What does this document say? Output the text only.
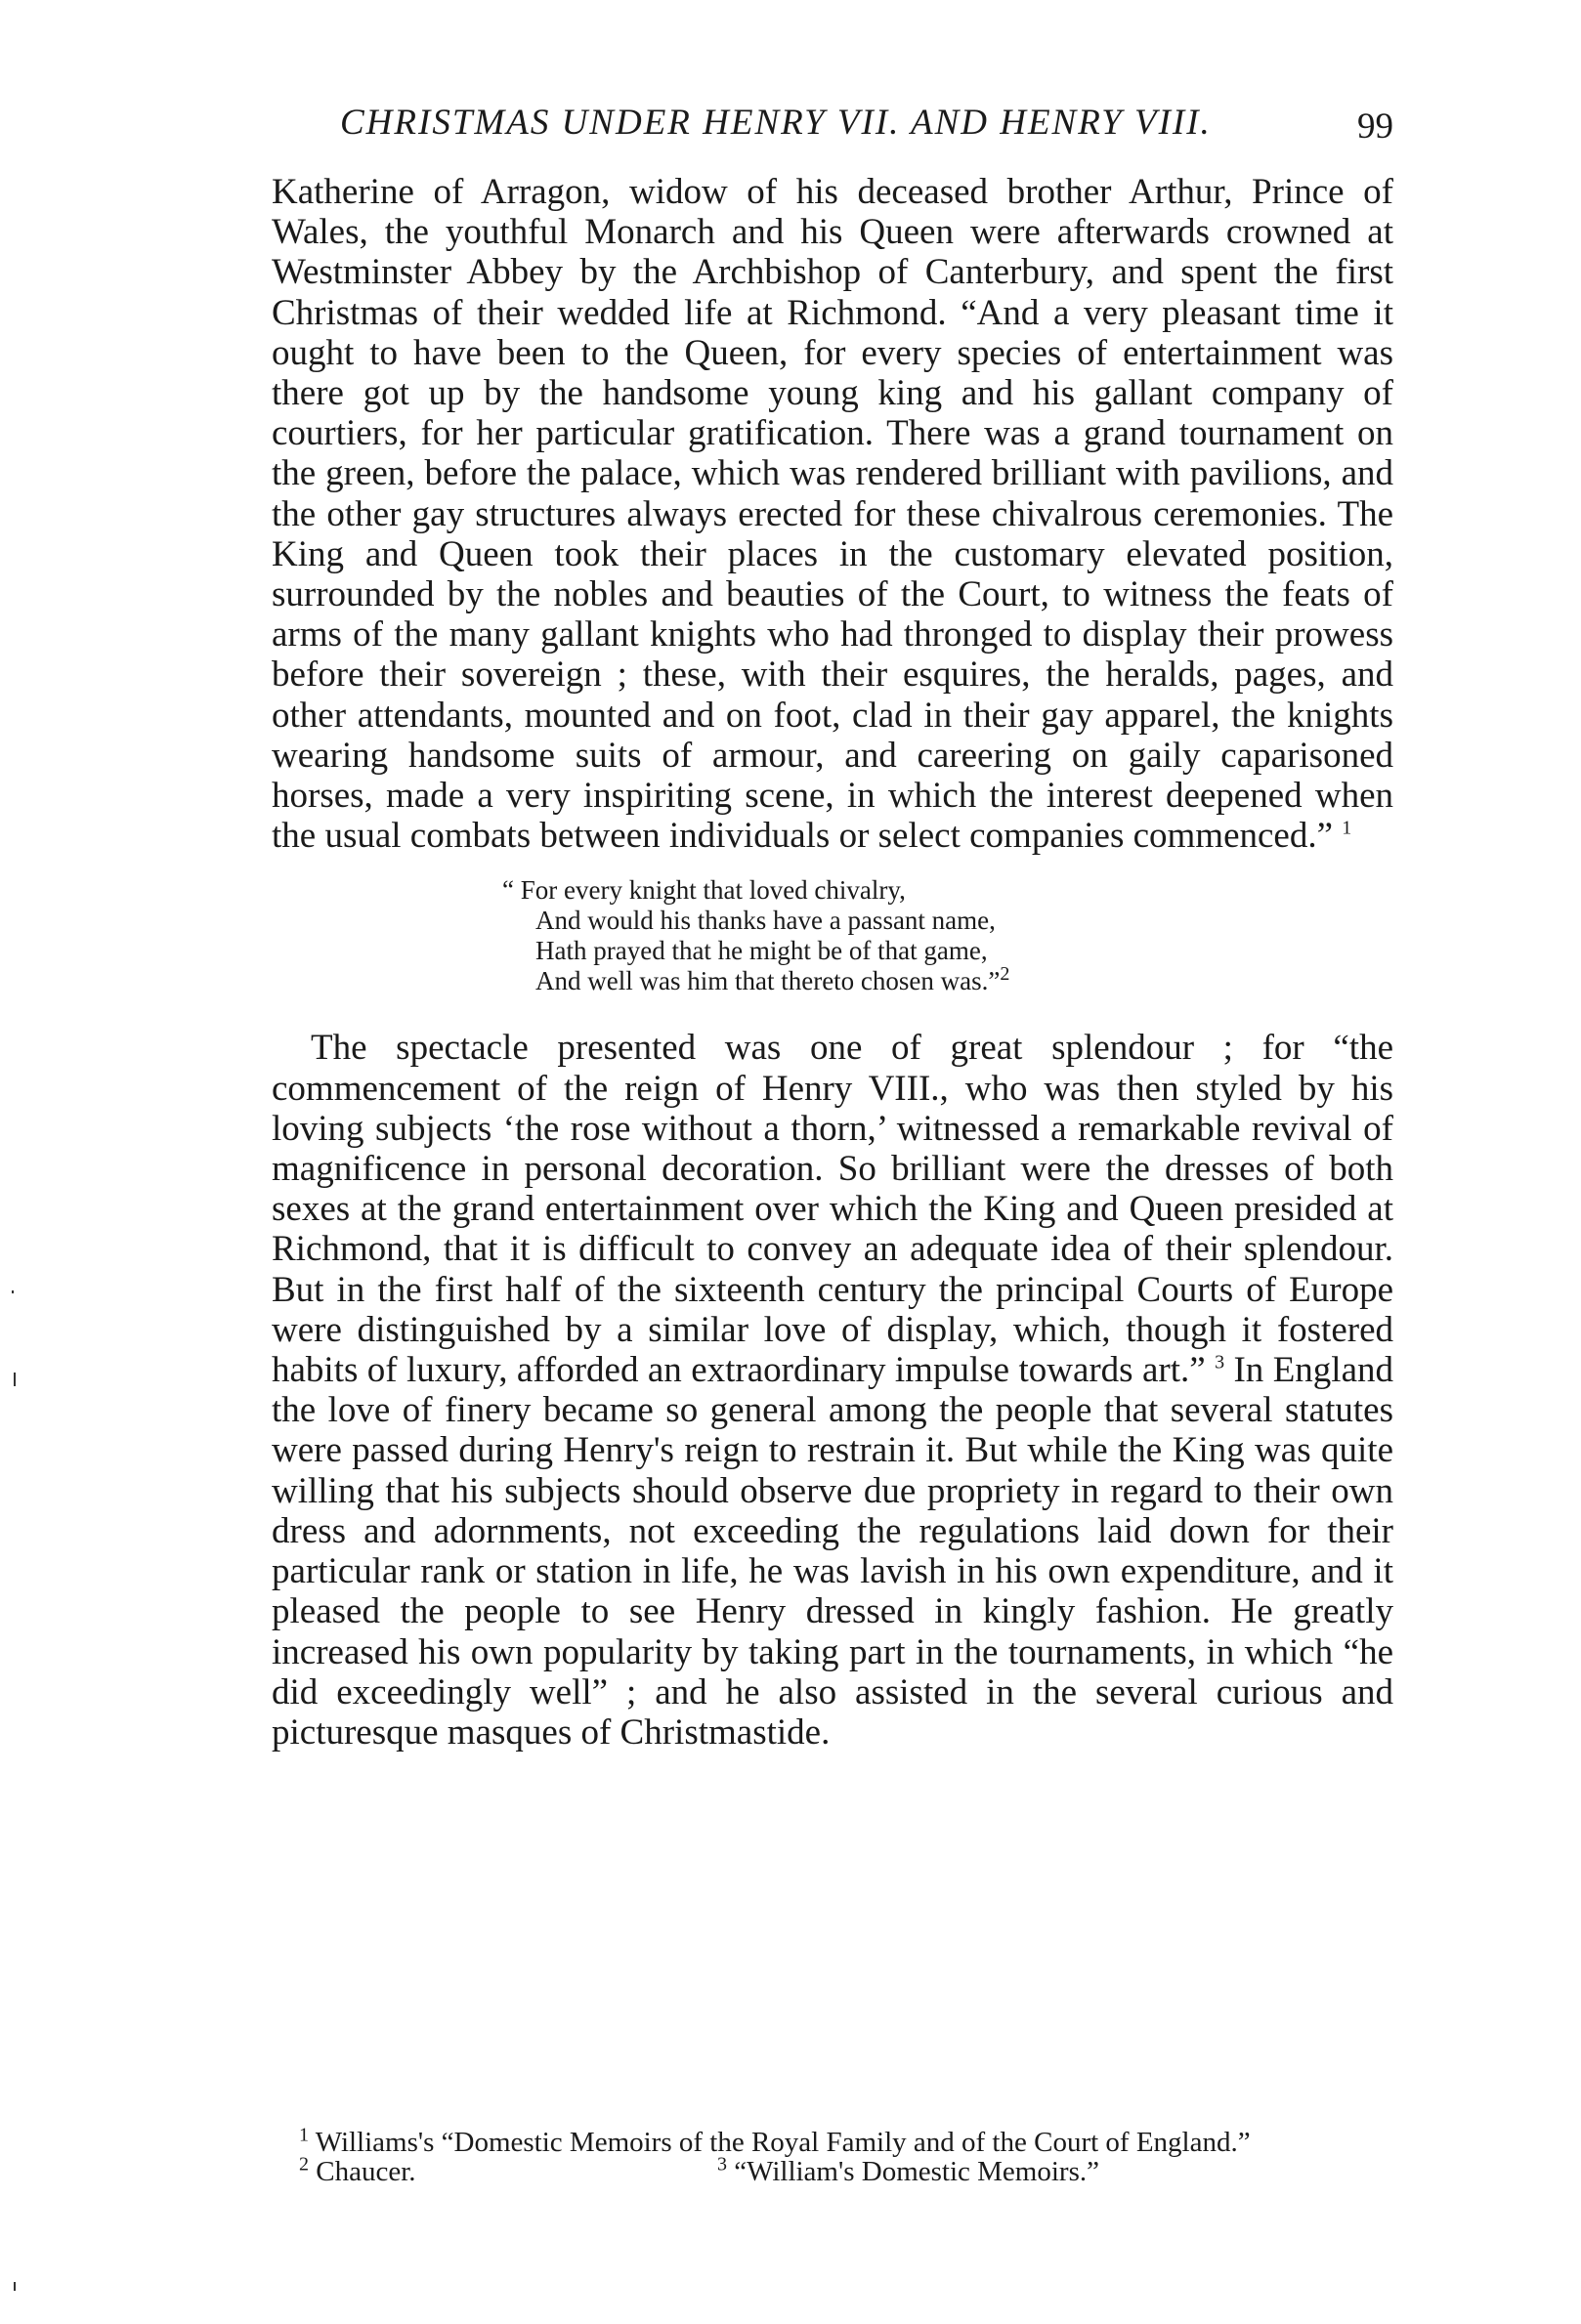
CHRISTMAS UNDER HENRY VII. AND HENRY VIII.	99

Katherine of Arragon, widow of his deceased brother Arthur, Prince of Wales, the youthful Monarch and his Queen were afterwards crowned at Westminster Abbey by the Archbishop of Canterbury, and spent the first Christmas of their wedded life at Richmond. “And a very pleasant time it ought to have been to the Queen, for every species of entertainment was there got up by the handsome young king and his gallant company of courtiers, for her particular gratification. There was a grand tournament on the green, before the palace, which was rendered brilliant with pavilions, and the other gay structures always erected for these chivalrous ceremonies. The King and Queen took their places in the customary elevated position, surrounded by the nobles and beauties of the Court, to witness the feats of arms of the many gallant knights who had thronged to display their prowess before their sovereign ; these, with their esquires, the heralds, pages, and other attendants, mounted and on foot, clad in their gay apparel, the knights wearing handsome suits of armour, and careering on gaily caparisoned horses, made a very inspiriting scene, in which the interest deepened when the usual combats between individuals or select companies commenced.” $^1$

“ For every knight that loved chivalry,
And would his thanks have a passant name,
Hath prayed that he might be of that game,
And well was him that thereto chosen was.”$^2$

The spectacle presented was one of great splendour ; for “the commencement of the reign of Henry VIII., who was then styled by his loving subjects ‘the rose without a thorn,’ witnessed a remarkable revival of magnificence in personal decoration. So brilliant were the dresses of both sexes at the grand entertainment over which the King and Queen presided at Richmond, that it is difficult to convey an adequate idea of their splendour. But in the first half of the sixteenth century the principal Courts of Europe were distinguished by a similar love of display, which, though it fostered habits of luxury, afforded an extraordinary impulse towards art.” $^3$ In England the love of finery became so general among the people that several statutes were passed during Henry's reign to restrain it. But while the King was quite willing that his subjects should observe due propriety in regard to their own dress and adornments, not exceeding the regulations laid down for their particular rank or station in life, he was lavish in his own expenditure, and it pleased the people to see Henry dressed in kingly fashion. He greatly increased his own popularity by taking part in the tournaments, in which “he did exceedingly well” ; and he also assisted in the several curious and picturesque masques of Christmastide.

$^1$ Williams's “Domestic Memoirs of the Royal Family and of the Court of England.”

$^2$ Chaucer.	$^3$ “William's Domestic Memoirs.”
